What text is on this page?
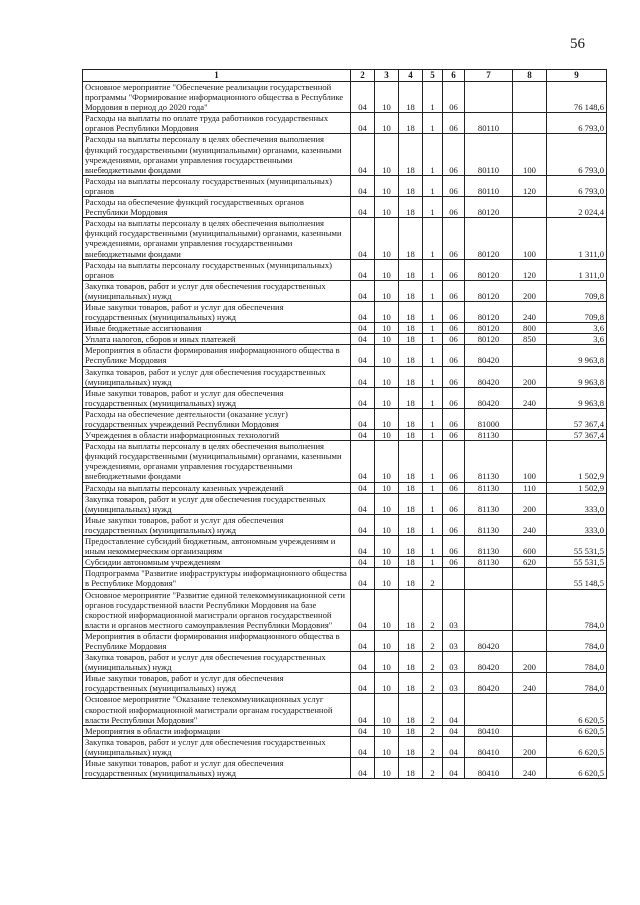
56
1	2	3	4	5	6	7	8	9
Основное мероприятие "Обеспечение реализации государственной программы "Формирование информационного общества в Республике Мордовия в период до 2020 года"	04	10	18	1	06			76 148,6
Расходы на выплаты по оплате труда работников государственных органов Республики Мордовия	04	10	18	1	06	80110		6 793,0
Расходы на выплаты персоналу в целях обеспечения выполнения функций государственными (муниципальными) органами, казенными учреждениями, органами управления государственными внебюджетными фондами	04	10	18	1	06	80110	100	6 793,0
Расходы на выплаты персоналу государственных (муниципальных) органов	04	10	18	1	06	80110	120	6 793,0
Расходы на обеспечение функций государственных органов Республики Мордовия	04	10	18	1	06	80120		2 024,4
Расходы на выплаты персоналу в целях обеспечения выполнения функций государственными (муниципальными) органами, казенными учреждениями, органами управления государственными внебюджетными фондами	04	10	18	1	06	80120	100	1 311,0
Расходы на выплаты персоналу государственных (муниципальных) органов	04	10	18	1	06	80120	120	1 311,0
Закупка товаров, работ и услуг для обеспечения государственных (муниципальных) нужд	04	10	18	1	06	80120	200	709,8
Иные закупки товаров, работ и услуг для обеспечения государственных (муниципальных) нужд	04	10	18	1	06	80120	240	709,8
Иные бюджетные ассигнования	04	10	18	1	06	80120	800	3,6
Уплата налогов, сборов и иных платежей	04	10	18	1	06	80120	850	3,6
Мероприятия в области формирования информационного общества в Республике Мордовия	04	10	18	1	06	80420		9 963,8
Закупка товаров, работ и услуг для обеспечения государственных (муниципальных) нужд	04	10	18	1	06	80420	200	9 963,8
Иные закупки товаров, работ и услуг для обеспечения государственных (муниципальных) нужд	04	10	18	1	06	80420	240	9 963,8
Расходы на обеспечение деятельности (оказание услуг) государственных учреждений Республики Мордовия	04	10	18	1	06	81000		57 367,4
Учреждения в области информационных технологий	04	10	18	1	06	81130		57 367,4
Расходы на выплаты персоналу в целях обеспечения выполнения функций государственными (муниципальными) органами, казенными учреждениями, органами управления государственными внебюджетными фондами	04	10	18	1	06	81130	100	1 502,9
Расходы на выплаты персоналу казенных учреждений	04	10	18	1	06	81130	110	1 502,9
Закупка товаров, работ и услуг для обеспечения государственных (муниципальных) нужд	04	10	18	1	06	81130	200	333,0
Иные закупки товаров, работ и услуг для обеспечения государственных (муниципальных) нужд	04	10	18	1	06	81130	240	333,0
Предоставление субсидий бюджетным, автономным учреждениям и иным некоммерческим организациям	04	10	18	1	06	81130	600	55 531,5
Субсидии автономным учреждениям	04	10	18	1	06	81130	620	55 531,5
Подпрограмма "Развитие инфраструктуры информационного общества в Республике Мордовия"	04	10	18	2				55 148,5
Основное мероприятие "Развитие единой телекоммуникационной сети органов государственной власти Республики Мордовия на базе скоростной информационной магистрали органов государственной власти и органов местного самоуправления Республики Мордовия"	04	10	18	2	03			784,0
Мероприятия в области формирования информационного общества в Республике Мордовия	04	10	18	2	03	80420		784,0
Закупка товаров, работ и услуг для обеспечения государственных (муниципальных) нужд	04	10	18	2	03	80420	200	784,0
Иные закупки товаров, работ и услуг для обеспечения государственных (муниципальных) нужд	04	10	18	2	03	80420	240	784,0
Основное мероприятие "Оказание телекоммуникационных услуг скоростной информационной магистрали органам государственной власти Республики Мордовия"	04	10	18	2	04			6 620,5
Мероприятия в области информации	04	10	18	2	04	80410		6 620,5
Закупка товаров, работ и услуг для обеспечения государственных (муниципальных) нужд	04	10	18	2	04	80410	200	6 620,5
Иные закупки товаров, работ и услуг для обеспечения государственных (муниципальных) нужд	04	10	18	2	04	80410	240	6 620,5
